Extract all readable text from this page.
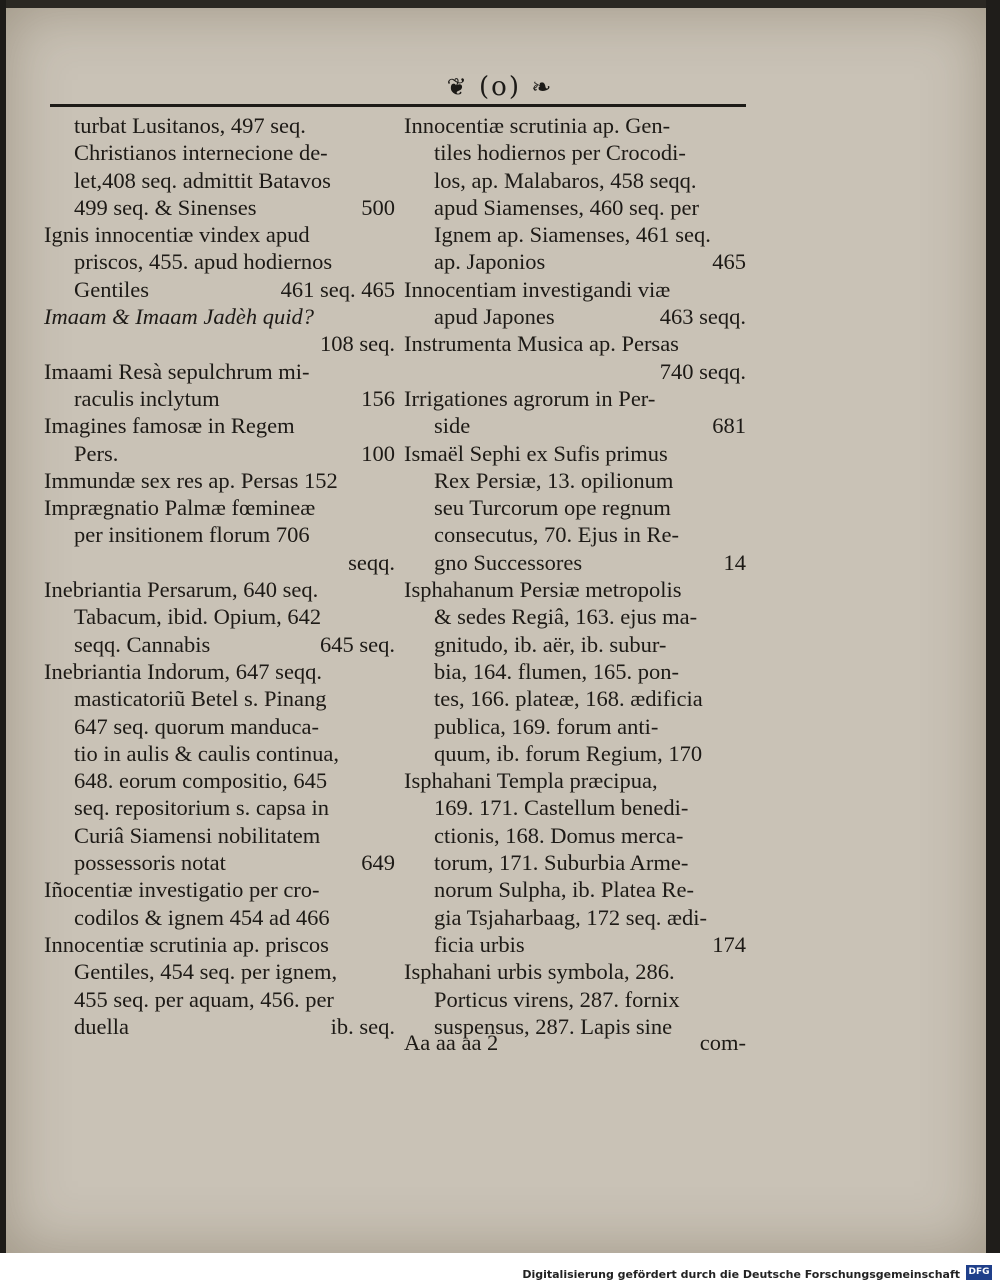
❦ (o) ❧
turbat Lusitanos, 497 seq.
Christianos internecione de-
let,408 seq. admittit Batavos
499 seq. & Sinenses	500
Ignis innocentiæ vindex apud
priscos, 455. apud hodiernos
Gentiles	461 seq. 465
Imaam & Imaam Jadèh quid?
108 seq.
Imaami Resà sepulchrum mi-
raculis inclytum	156
Imagines famosæ in Regem
Pers.	100
Immundæ sex res ap. Persas 152
Imprægnatio Palmæ fœmineæ
per insitionem florum 706
seqq.
Inebriantia Persarum, 640 seq.
Tabacum, ibid. Opium, 642
seqq. Cannabis	645 seq.
Inebriantia Indorum, 647 seqq.
masticatoriũ Betel s. Pinang
647 seq. quorum manduca-
tio in aulis & caulis continua,
648. eorum compositio, 645
seq. repositorium s. capsa in
Curiâ Siamensi nobilitatem
possessoris notat	649
Iñocentiæ investigatio per cro-
codilos & ignem 454 ad 466
Innocentiæ scrutinia ap. priscos
Gentiles, 454 seq. per ignem,
455 seq. per aquam, 456. per
duella	ib. seq.
Innocentiæ scrutinia ap. Gen-
tiles hodiernos per Crocodi-
los, ap. Malabaros, 458 seqq.
apud Siamenses, 460 seq. per
Ignem ap. Siamenses, 461 seq.
ap. Japonios	465
Innocentiam investigandi viæ
apud Japones	463 seqq.
Instrumenta Musica ap. Persas
740 seqq.
Irrigationes agrorum in Per-
side	681
Ismaël Sephi ex Sufis primus
Rex Persiæ, 13. opilionum
seu Turcorum ope regnum
consecutus, 70. Ejus in Re-
gno Successores	14
Isphahanum Persiæ metropolis
& sedes Regiâ, 163. ejus ma-
gnitudo, ib. aër, ib. subur-
bia, 164. flumen, 165. pon-
tes, 166. plateæ, 168. ædificia
publica, 169. forum anti-
quum, ib. forum Regium, 170
Isphahani Templa præcipua,
169. 171. Castellum benedi-
ctionis, 168. Domus merca-
torum, 171. Suburbia Arme-
norum Sulpha, ib. Platea Re-
gia Tsjaharbaag, 172 seq. ædi-
ficia urbis	174
Isphahani urbis symbola, 286.
Porticus virens, 287. fornix
suspensus, 287. Lapis sine
Aa aa aa 2	com-
Digitalisierung gefördert durch die Deutsche Forschungsgemeinschaft DFG
